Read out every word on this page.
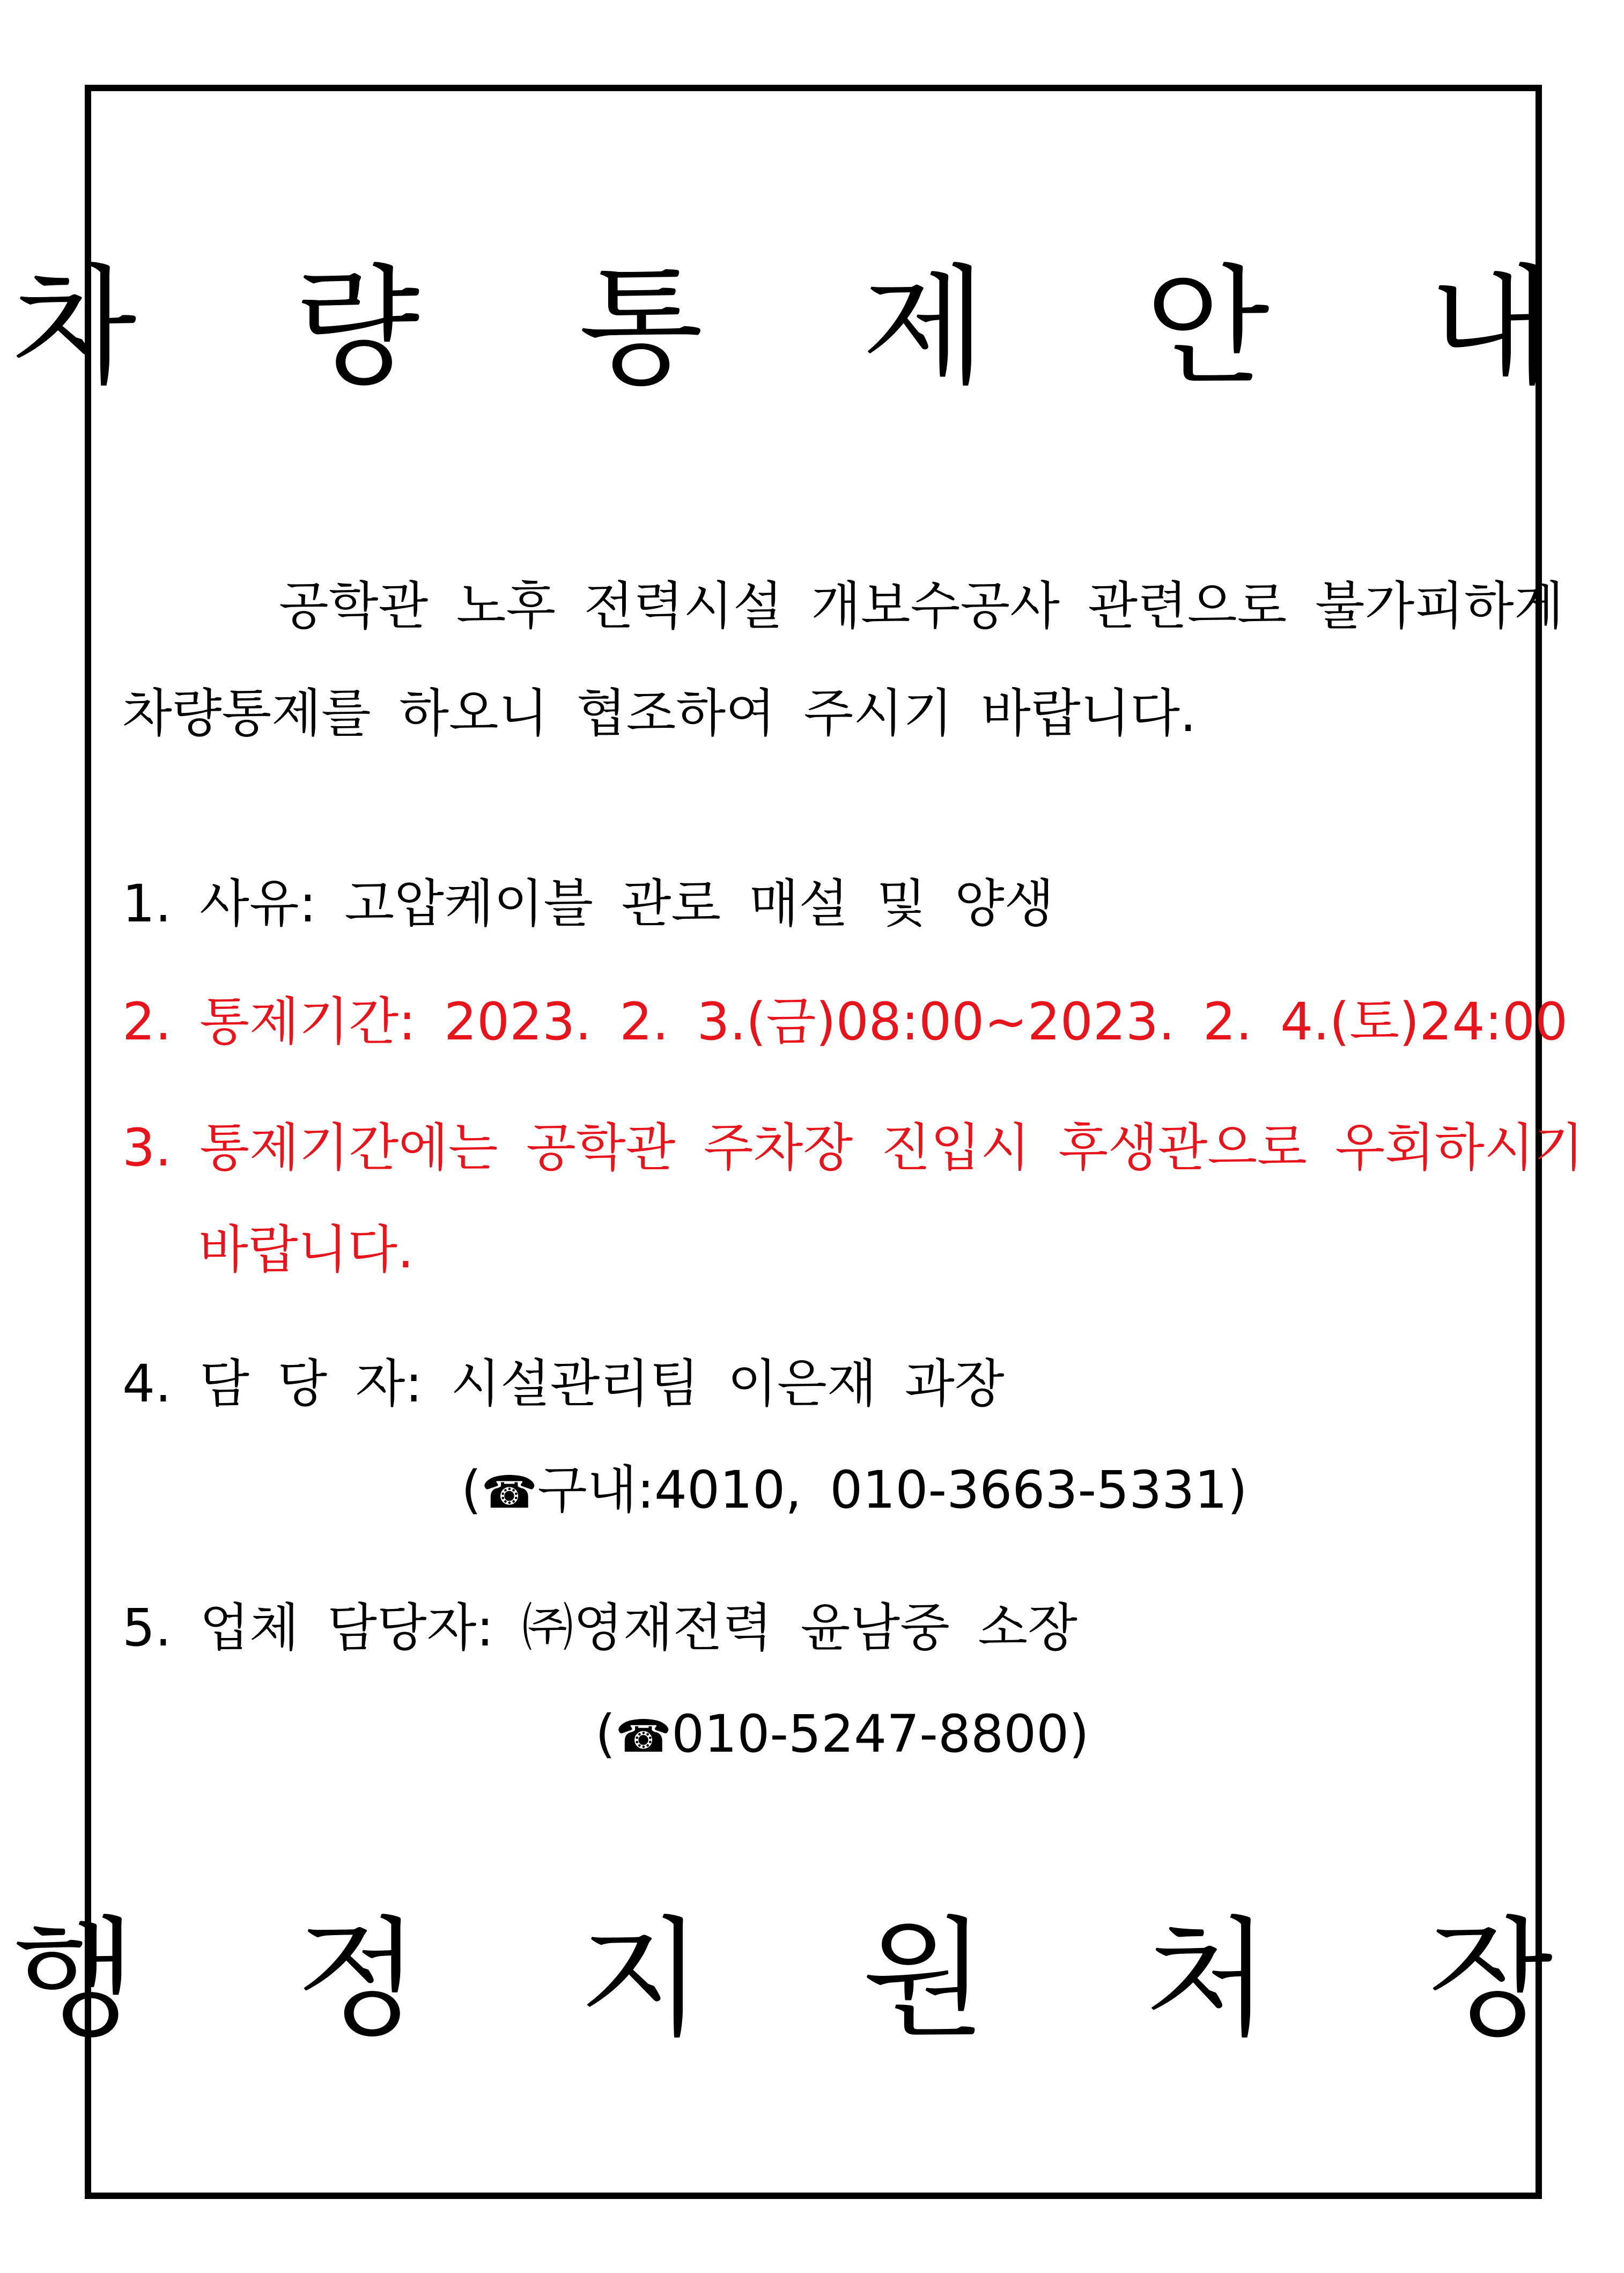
차 량 통 제 안 내
공학관 노후 전력시설 개보수공사 관련으로 불가피하게
차량통제를 하오니 협조하여 주시기 바랍니다.
1. 사유: 고압케이블 관로 매설 및 양생
2. 통제기간: 2023. 2. 3.(금)08:00~2023. 2. 4.(토)24:00
3. 통제기간에는 공학관 주차장 진입시 후생관으로 우회하시기
바랍니다.
4. 담 당 자: 시설관리팀 이은재 과장
(☎구내:4010, 010-3663-5331)
5. 업체 담당자: ㈜영재전력 윤남중 소장
(☎010-5247-8800)
행 정 지 원 처 장
